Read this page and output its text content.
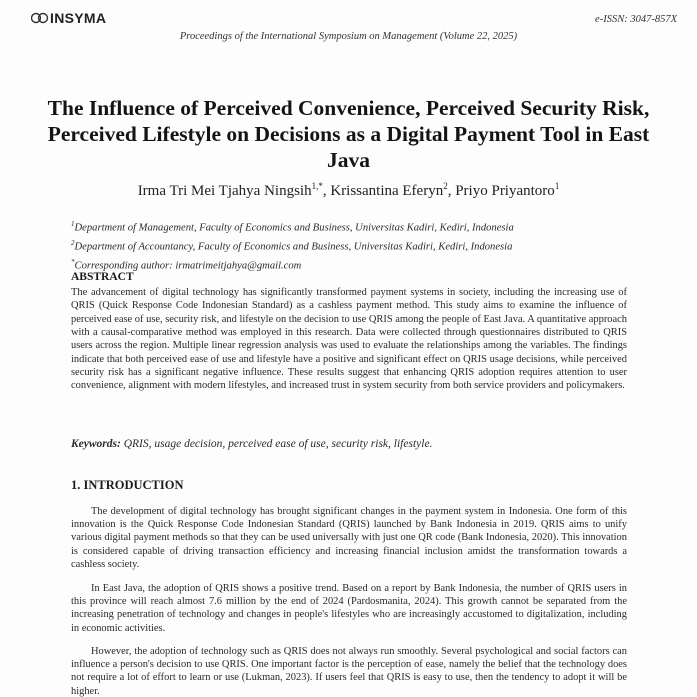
INSYMA	e-ISSN: 3047-857X
Proceedings of the International Symposium on Management (Volume 22, 2025)
The Influence of Perceived Convenience, Perceived Security Risk, Perceived Lifestyle on Decisions as a Digital Payment Tool in East Java
Irma Tri Mei Tjahya Ningsih$^{1,*}$, Krissantina Eferyn$^2$, Priyo Priyantoro$^1$
$^1$Department of Management, Faculty of Economics and Business, Universitas Kadiri, Kediri, Indonesia
$^2$Department of Accountancy, Faculty of Economics and Business, Universitas Kadiri, Kediri, Indonesia
*Corresponding author: irmatrimeitjahya@gmail.com
ABSTRACT
The advancement of digital technology has significantly transformed payment systems in society, including the increasing use of QRIS (Quick Response Code Indonesian Standard) as a cashless payment method. This study aims to examine the influence of perceived ease of use, security risk, and lifestyle on the decision to use QRIS among the people of East Java. A quantitative approach with a causal-comparative method was employed in this research. Data were collected through questionnaires distributed to QRIS users across the region. Multiple linear regression analysis was used to evaluate the relationships among the variables. The findings indicate that both perceived ease of use and lifestyle have a positive and significant effect on QRIS usage decisions, while perceived security risk has a significant negative influence. These results suggest that enhancing QRIS adoption requires attention to user convenience, alignment with modern lifestyles, and increased trust in system security from both service providers and policymakers.
Keywords: QRIS, usage decision, perceived ease of use, security risk, lifestyle.
1. INTRODUCTION
The development of digital technology has brought significant changes in the payment system in Indonesia. One form of this innovation is the Quick Response Code Indonesian Standard (QRIS) launched by Bank Indonesia in 2019. QRIS aims to unify various digital payment methods so that they can be used universally with just one QR code (Bank Indonesia, 2020). This innovation is considered capable of driving transaction efficiency and increasing financial inclusion amidst the transformation towards a cashless society.
In East Java, the adoption of QRIS shows a positive trend. Based on a report by Bank Indonesia, the number of QRIS users in this province will reach almost 7.6 million by the end of 2024 (Pardosmanita, 2024). This growth cannot be separated from the increasing penetration of technology and changes in people's lifestyles who are increasingly accustomed to digitalization, including in economic activities.
However, the adoption of technology such as QRIS does not always run smoothly. Several psychological and social factors can influence a person's decision to use QRIS. One important factor is the perception of ease, namely the belief that the technology does not require a lot of effort to learn or use (Lukman, 2023). If users feel that QRIS is easy to use, then the tendency to adopt it will be higher.
